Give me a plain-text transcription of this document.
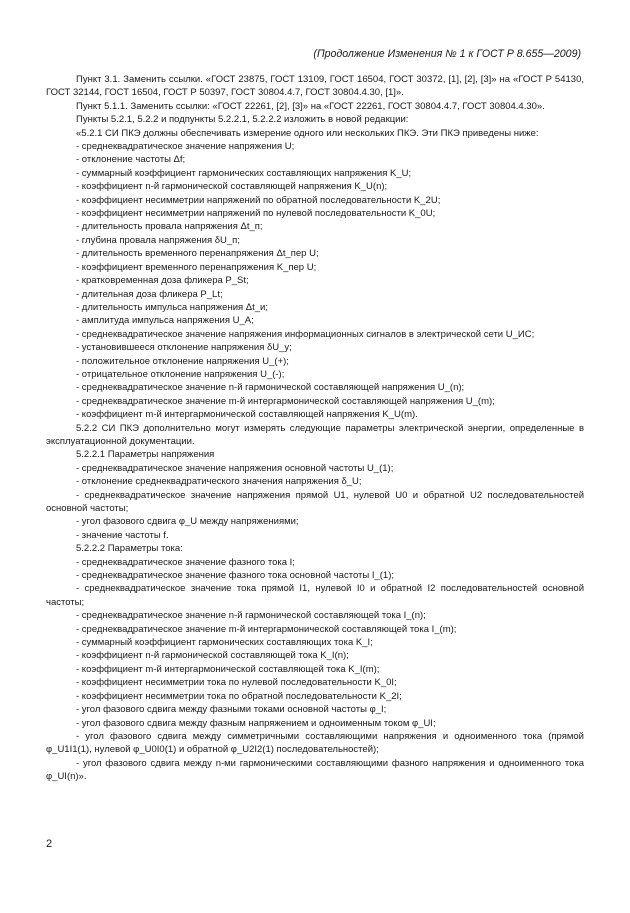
(Продолжение Изменения № 1 к ГОСТ Р 8.655—2009)

Пункт 3.1. Заменить ссылки. «ГОСТ 23875, ГОСТ 13109, ГОСТ 16504, ГОСТ 30372, [1], [2], [3]» на «ГОСТ Р 54130, ГОСТ 32144, ГОСТ 16504, ГОСТ Р 50397, ГОСТ 30804.4.7, ГОСТ 30804.4.30, [1]».

Пункт 5.1.1. Заменить ссылки: «ГОСТ 22261, [2], [3]» на «ГОСТ 22261, ГОСТ 30804.4.7, ГОСТ 30804.4.30».

Пункты 5.2.1, 5.2.2 и подпункты 5.2.2.1, 5.2.2.2 изложить в новой редакции:

«5.2.1 СИ ПКЭ должны обеспечивать измерение одного или нескольких ПКЭ. Эти ПКЭ приведены ниже:

- среднеквадратическое значение напряжения U;

- отклонение частоты Δf;

- суммарный коэффициент гармонических составляющих напряжения K_U;

- коэффициент n-й гармонической составляющей напряжения K_U(n);

- коэффициент несимметрии напряжений по обратной последовательности K_2U;

- коэффициент несимметрии напряжений по нулевой последовательности K_0U;

- длительность провала напряжения Δt_п;

- глубина провала напряжения δU_п;

- длительность временного перенапряжения Δt_пер U;

- коэффициент временного перенапряжения K_пер U;

- кратковременная доза фликера P_St;

- длительная доза фликера P_Lt;

- длительность импульса напряжения Δt_и;

- амплитуда импульса напряжения U_A;

- среднеквадратическое значение напряжения информационных сигналов в электрической сети U_ИС;

- установившееся отклонение напряжения δU_y;

- положительное отклонение напряжения U_(+);

- отрицательное отклонение напряжения U_(-);

- среднеквадратическое значение n-й гармонической составляющей напряжения U_(n);

- среднеквадратическое значение m-й интергармонической составляющей напряжения U_(m);

- коэффициент m-й интергармонической составляющей напряжения K_U(m).

5.2.2 СИ ПКЭ дополнительно могут измерять следующие параметры электрической энергии, определенные в эксплуатационной документации.

5.2.2.1 Параметры напряжения

- среднеквадратическое значение напряжения основной частоты U_(1);

- отклонение среднеквадратического значения напряжения δ_U;

- среднеквадратическое значение напряжения прямой U1, нулевой U0 и обратной U2 последовательностей основной частоты;

- угол фазового сдвига φ_U между напряжениями;

- значение частоты f.

5.2.2.2 Параметры тока:

- среднеквадратическое значение фазного тока I;

- среднеквадратическое значение фазного тока основной частоты I_(1);

- среднеквадратическое значение тока прямой I1, нулевой I0 и обратной I2 последовательностей основной частоты;

- среднеквадратическое значение n-й гармонической составляющей тока I_(n);

- среднеквадратическое значение m-й интергармонической составляющей тока I_(m);

- суммарный коэффициент гармонических составляющих тока K_I;

- коэффициент n-й гармонической составляющей тока K_I(n);

- коэффициент m-й интергармонической составляющей тока K_I(m);

- коэффициент несимметрии тока по нулевой последовательности K_0I;

- коэффициент несимметрии тока по обратной последовательности K_2I;

- угол фазового сдвига между фазными токами основной частоты φ_I;

- угол фазового сдвига между фазным напряжением и одноименным током φ_UI;

- угол фазового сдвига между симметричными составляющими напряжения и одноименного тока (прямой φ_U1I1(1), нулевой φ_U0I0(1) и обратной φ_U2I2(1) последовательностей);

- угол фазового сдвига между n-ми гармоническими составляющими фазного напряжения и одноименного тока φ_UI(n)».

2
